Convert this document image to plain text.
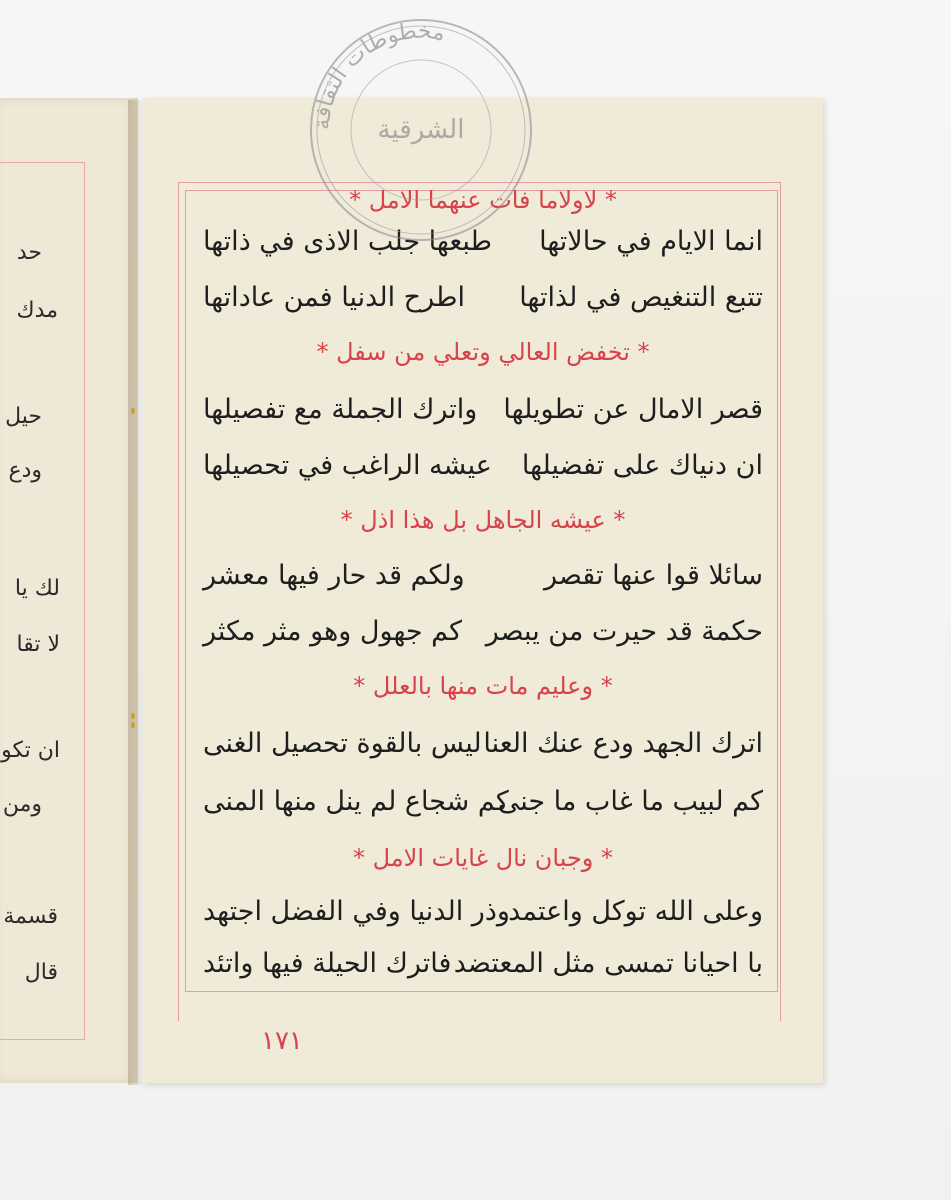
حد
مدك
حيل
ودع
لك يا
لا تقا
ان تكو
ومن
قسمة
قال
* لاولاما فات عنهما الامل *
انما الايام في حالاتها
طبعها جلب الاذى في ذاتها
تتبع التنغيص في لذاتها
اطرح الدنيا فمن عاداتها
* تخفض العالي وتعلي من سفل *
قصر الامال عن تطويلها
واترك الجملة مع تفصيلها
ان دنياك على تفضيلها
عيشه الراغب في تحصيلها
* عيشه الجاهل بل هذا اذل *
سائلا قوا عنها تقصر
ولكم قد حار فيها معشر
حكمة قد حيرت من يبصر
كم جهول وهو مثر مكثر
* وعليم مات منها بالعلل *
اترك الجهد ودع عنك العنا
ليس بالقوة تحصيل الغنى
كم لبيب ما غاب ما جنى
كم شجاع لم ينل منها المنى
* وجبان نال غايات الامل *
وعلى الله توكل واعتمد
وذر الدنيا وفي الفضل اجتهد
با احيانا تمسى مثل المعتضد
فاترك الحيلة فيها واتئد
١٧١
مخطوطات الثقافة
الشرقية
